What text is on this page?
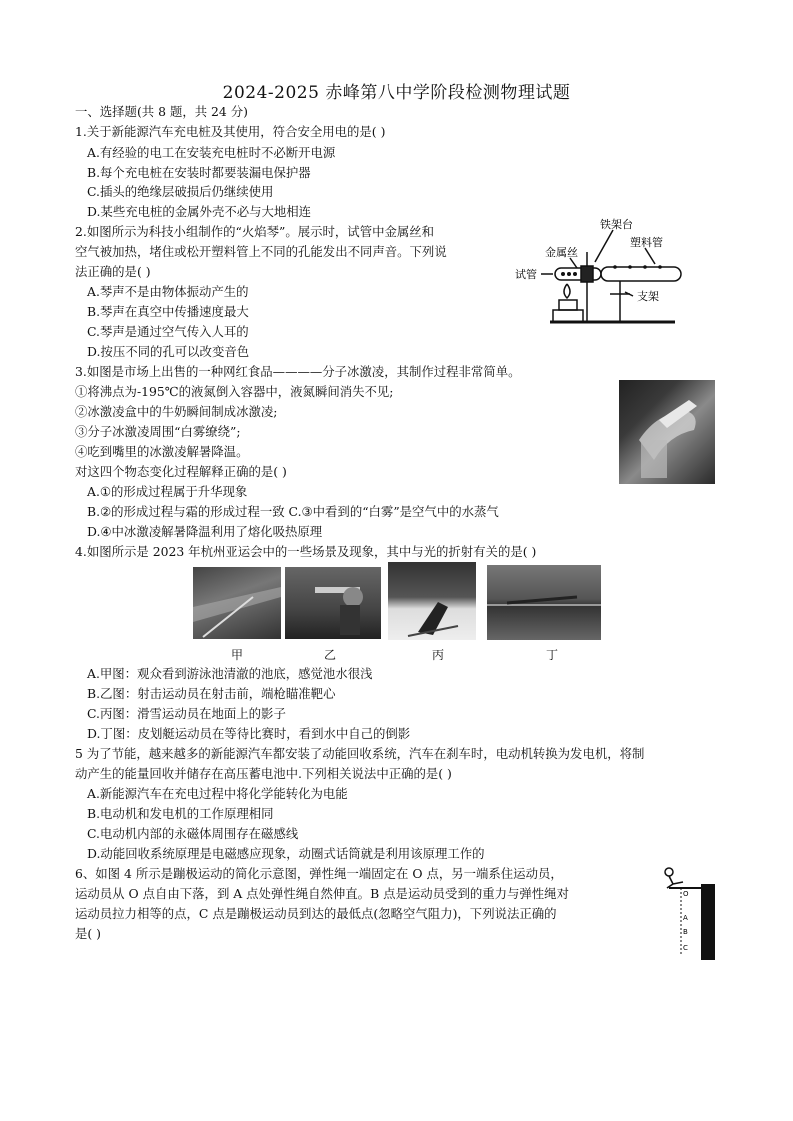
2024-2025 赤峰第八中学阶段检测物理试题
一、选择题(共 8 题，共 24 分)
1.关于新能源汽车充电桩及其使用，符合安全用电的是( )
A.有经验的电工在安装充电桩时不必断开电源
B.每个充电桩在安装时都要装漏电保护器
C.插头的绝缘层破损后仍继续使用
D.某些充电桩的金属外壳不必与大地相连
2.如图所示为科技小组制作的“火焰琴”。展示时，试管中金属丝和
空气被加热，堵住或松开塑料管上不同的孔能发出不同声音。下列说
法正确的是( )
A.琴声不是由物体振动产生的
B.琴声在真空中传播速度最大
C.琴声是通过空气传入人耳的
D.按压不同的孔可以改变音色
铁架台
塑料管
金属丝
试管
支架
3.如图是市场上出售的一种网红食品————分子冰激凌，其制作过程非常简单。
①将沸点为-195℃的液氮倒入容器中，液氮瞬间消失不见;
②冰激凌盒中的牛奶瞬间制成冰激凌;
③分子冰激凌周围“白雾缭绕”;
④吃到嘴里的冰激凌解暑降温。
对这四个物态变化过程解释正确的是( )
A.①的形成过程属于升华现象
B.②的形成过程与霜的形成过程一致 C.③中看到的“白雾”是空气中的水蒸气
D.④中冰激凌解暑降温利用了熔化吸热原理
4.如图所示是 2023 年杭州亚运会中的一些场景及现象，其中与光的折射有关的是( )
甲	乙	丙	丁
A.甲图：观众看到游泳池清澈的池底，感觉池水很浅
B.乙图：射击运动员在射击前，端枪瞄准靶心
C.丙图：滑雪运动员在地面上的影子
D.丁图：皮划艇运动员在等待比赛时，看到水中自己的倒影
5 为了节能，越来越多的新能源汽车都安装了动能回收系统，汽车在刹车时，电动机转换为发电机，将制
动产生的能量回收并储存在高压蓄电池中.下列相关说法中正确的是( )
A.新能源汽车在充电过程中将化学能转化为电能
B.电动机和发电机的工作原理相同
C.电动机内部的永磁体周围存在磁感线
D.动能回收系统原理是电磁感应现象，动圈式话筒就是利用该原理工作的
6、如图 4 所示是蹦极运动的简化示意图，弹性绳一端固定在 O 点，另一端系住运动员，
运动员从 O 点自由下落，到 A 点处弹性绳自然伸直。B 点是运动员受到的重力与弹性绳对
运动员拉力相等的点，C 点是蹦极运动员到达的最低点(忽略空气阻力)，下列说法正确的
是( )
O
A
B
C
